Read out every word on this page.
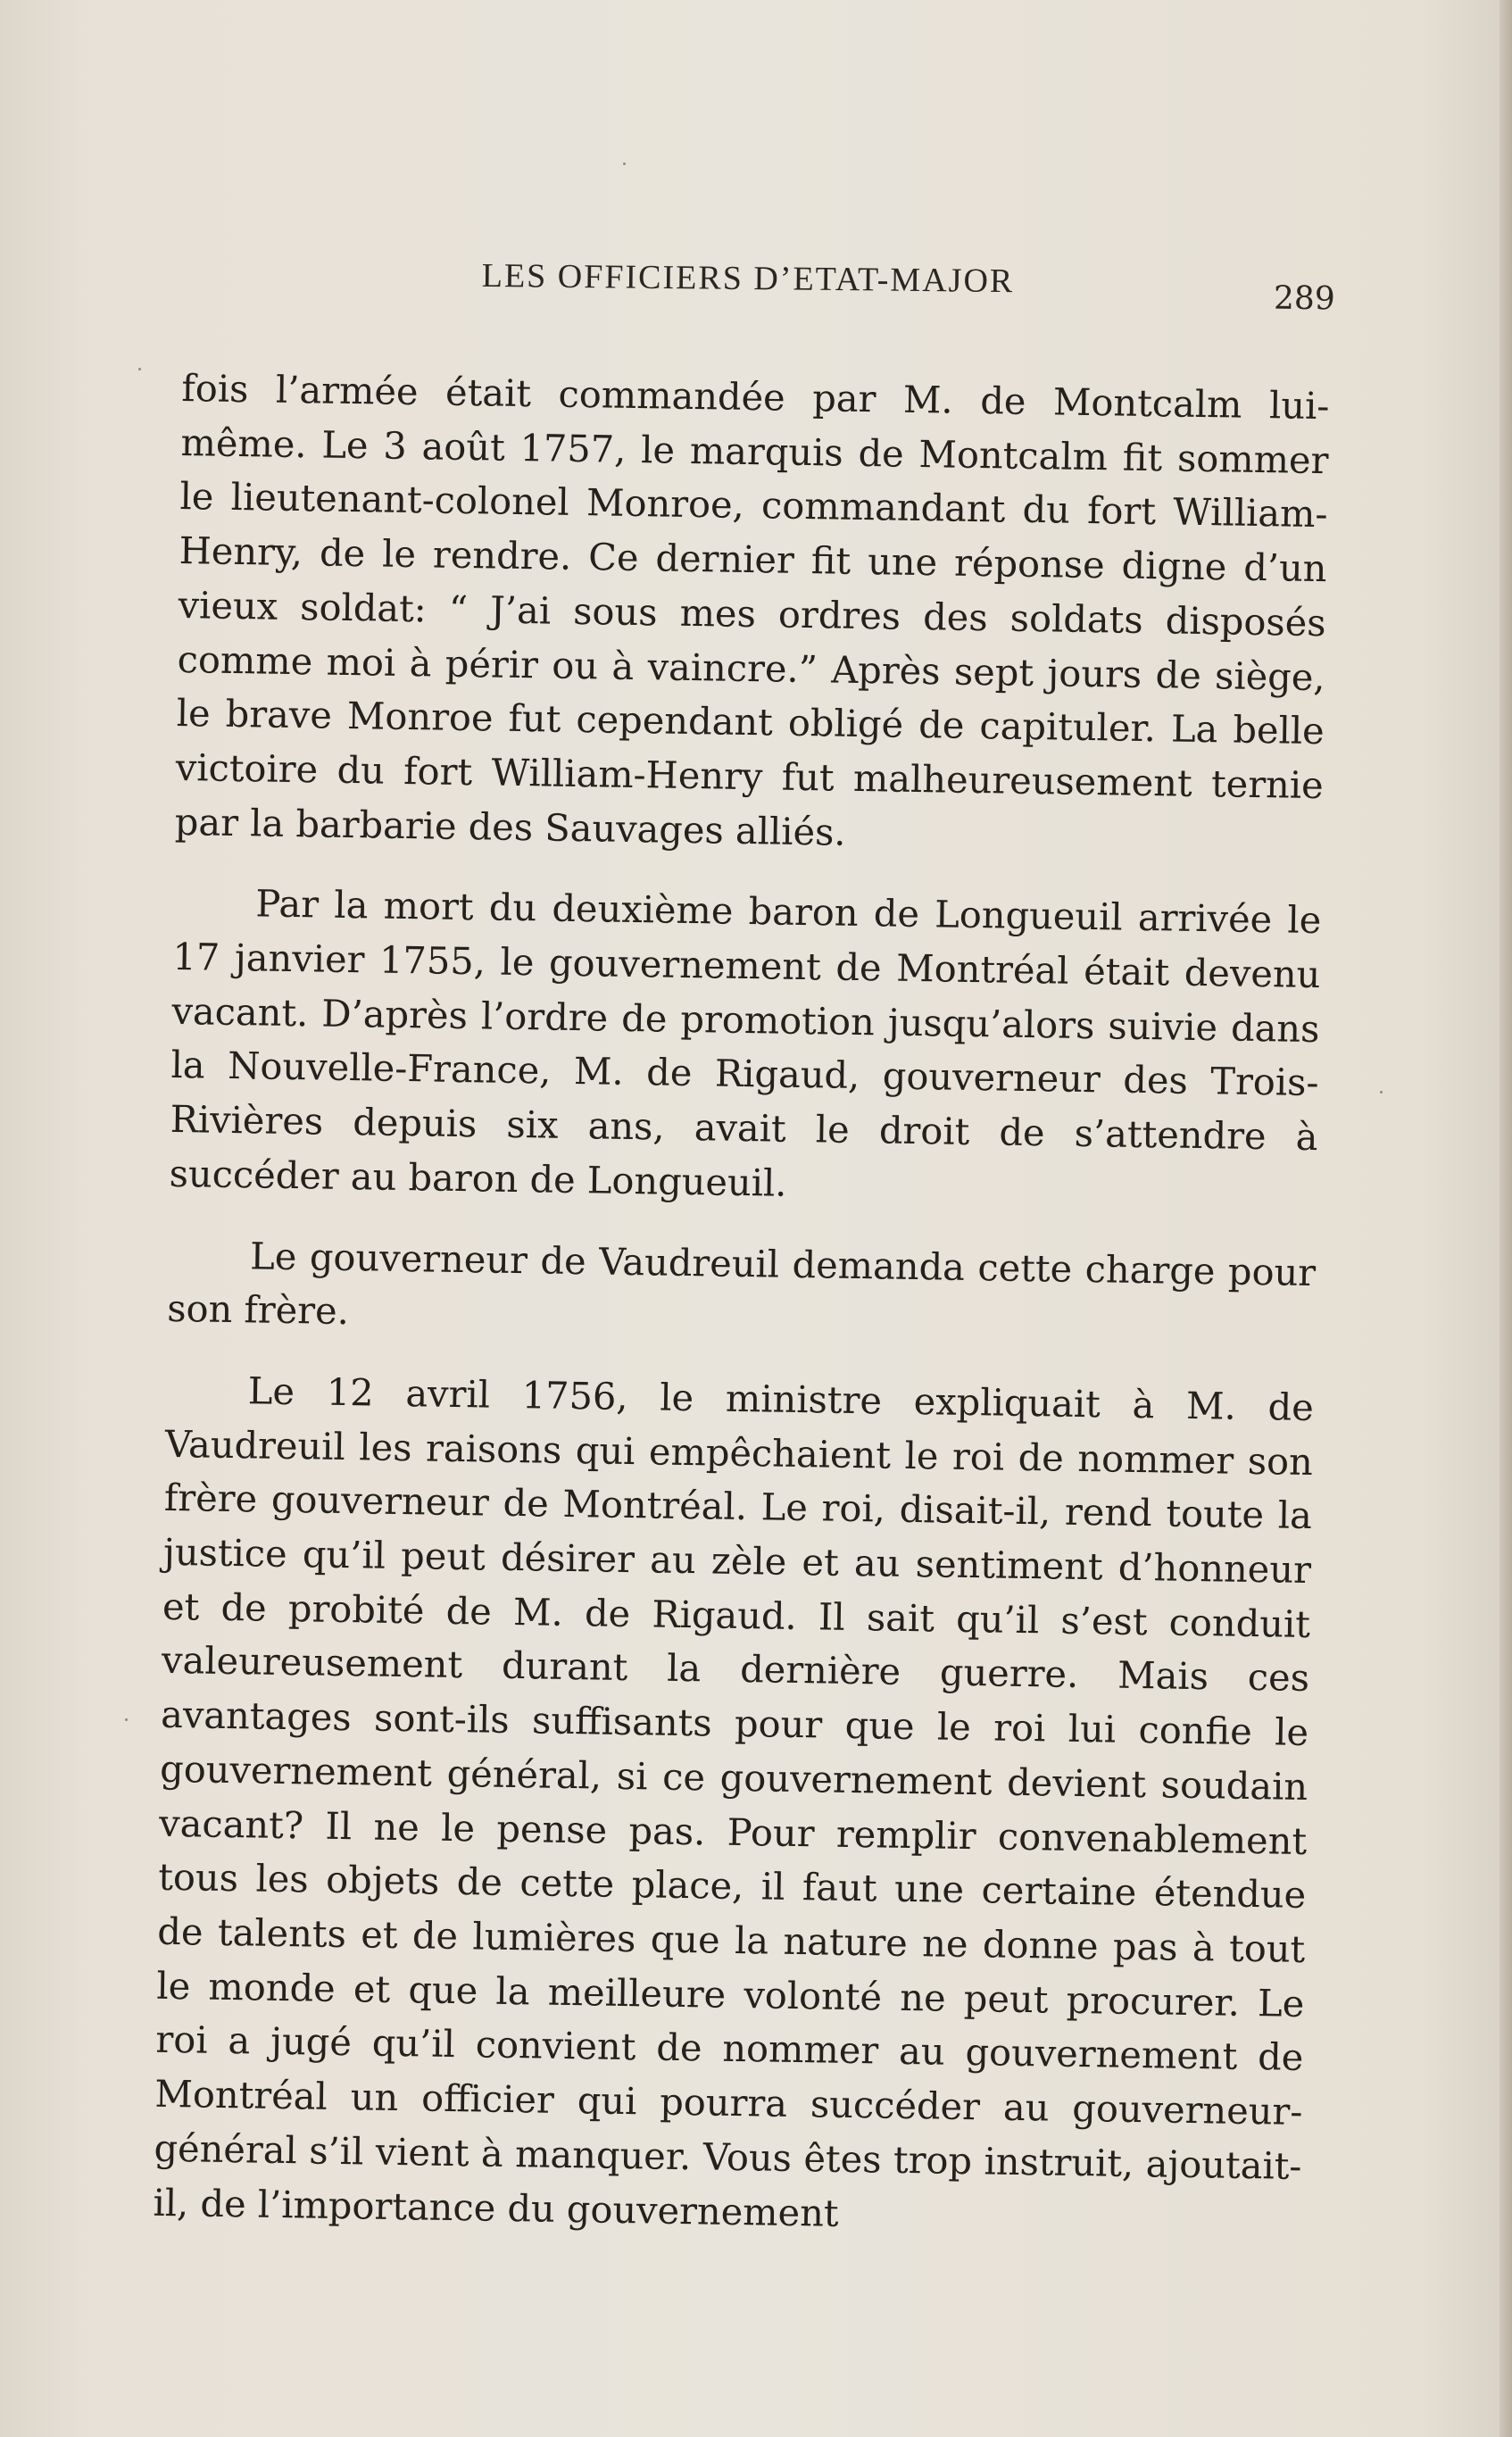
LES OFFICIERS D’ETAT-MAJOR	289

fois l’armée était commandée par M. de Montcalm lui-même. Le 3 août 1757, le marquis de Montcalm fit sommer le lieutenant-colonel Monroe, commandant du fort William-Henry, de le rendre. Ce dernier fit une réponse digne d’un vieux soldat: “ J’ai sous mes ordres des soldats disposés comme moi à périr ou à vaincre.” Après sept jours de siège, le brave Monroe fut cependant obligé de capituler. La belle victoire du fort William-Henry fut malheureusement ternie par la barbarie des Sauvages alliés.

Par la mort du deuxième baron de Longueuil arrivée le 17 janvier 1755, le gouvernement de Montréal était devenu vacant. D’après l’ordre de promotion jusqu’alors suivie dans la Nouvelle-France, M. de Rigaud, gouverneur des Trois-Rivières depuis six ans, avait le droit de s’attendre à succéder au baron de Longueuil.

Le gouverneur de Vaudreuil demanda cette charge pour son frère.

Le 12 avril 1756, le ministre expliquait à M. de Vaudreuil les raisons qui empêchaient le roi de nommer son frère gouverneur de Montréal. Le roi, disait-il, rend toute la justice qu’il peut désirer au zèle et au sentiment d’honneur et de probité de M. de Rigaud. Il sait qu’il s’est conduit valeureusement durant la dernière guerre. Mais ces avantages sont-ils suffisants pour que le roi lui confie le gouvernement général, si ce gouvernement devient soudain vacant? Il ne le pense pas. Pour remplir convenablement tous les objets de cette place, il faut une certaine étendue de talents et de lumières que la nature ne donne pas à tout le monde et que la meilleure volonté ne peut procurer. Le roi a jugé qu’il convient de nommer au gouvernement de Montréal un officier qui pourra succéder au gouverneur-général s’il vient à manquer. Vous êtes trop instruit, ajoutait-il, de l’importance du gouvernement
